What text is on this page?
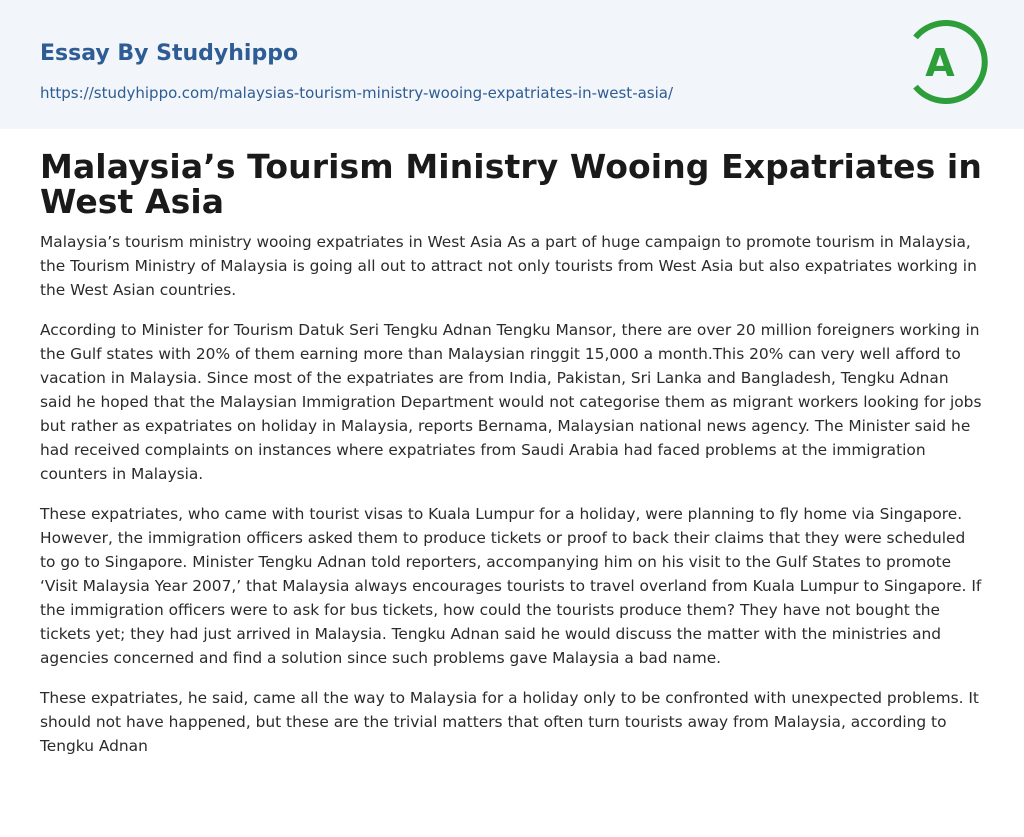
Essay By Studyhippo
https://studyhippo.com/malaysias-tourism-ministry-wooing-expatriates-in-west-asia/
A
Malaysia’s Tourism Ministry Wooing Expatriates in West Asia

Malaysia’s tourism ministry wooing expatriates in West Asia As a part of huge campaign to promote tourism in Malaysia, the Tourism Ministry of Malaysia is going all out to attract not only tourists from West Asia but also expatriates working in the West Asian countries.

According to Minister for Tourism Datuk Seri Tengku Adnan Tengku Mansor, there are over 20 million foreigners working in the Gulf states with 20% of them earning more than Malaysian ringgit 15,000 a month.This 20% can very well afford to vacation in Malaysia. Since most of the expatriates are from India, Pakistan, Sri Lanka and Bangladesh, Tengku Adnan said he hoped that the Malaysian Immigration Department would not categorise them as migrant workers looking for jobs but rather as expatriates on holiday in Malaysia, reports Bernama, Malaysian national news agency. The Minister said he had received complaints on instances where expatriates from Saudi Arabia had faced problems at the immigration counters in Malaysia.

These expatriates, who came with tourist visas to Kuala Lumpur for a holiday, were planning to fly home via Singapore. However, the immigration officers asked them to produce tickets or proof to back their claims that they were scheduled to go to Singapore. Minister Tengku Adnan told reporters, accompanying him on his visit to the Gulf States to promote ‘Visit Malaysia Year 2007,’ that Malaysia always encourages tourists to travel overland from Kuala Lumpur to Singapore. If the immigration officers were to ask for bus tickets, how could the tourists produce them? They have not bought the tickets yet; they had just arrived in Malaysia. Tengku Adnan said he would discuss the matter with the ministries and agencies concerned and find a solution since such problems gave Malaysia a bad name.

These expatriates, he said, came all the way to Malaysia for a holiday only to be confronted with unexpected problems. It should not have happened, but these are the trivial matters that often turn tourists away from Malaysia, according to Tengku Adnan
